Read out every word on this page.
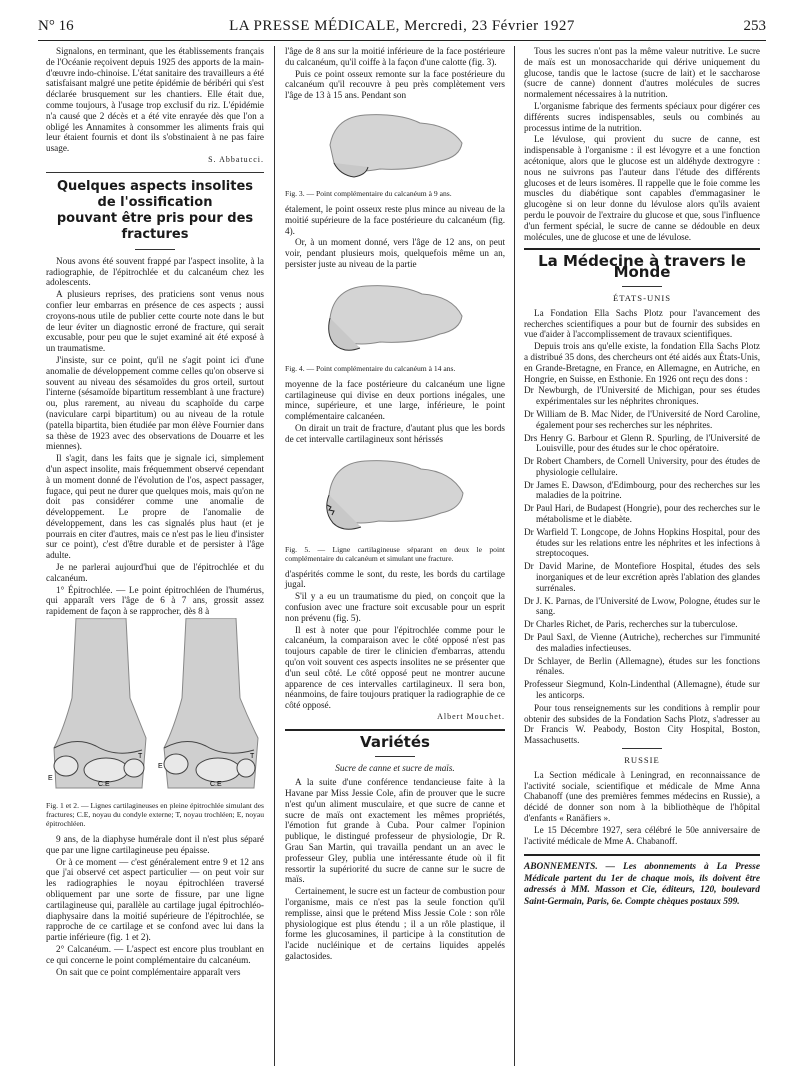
N° 16	LA PRESSE MÉDICALE, Mercredi, 23 Février 1927	253

Signalons, en terminant, que les établissements français de l'Océanie reçoivent depuis 1925 des apports de la main-d'œuvre indo-chinoise. L'état sanitaire des travailleurs a été satisfaisant malgré une petite épidémie de béribéri qui s'est déclarée brusquement sur les chantiers. Elle était due, comme toujours, à l'usage trop exclusif du riz. L'épidémie n'a causé que 2 décès et a été vite enrayée dès que l'on a obligé les Annamites à consommer les aliments frais qui leur étaient fournis et dont ils s'obstinaient à ne pas faire usage.

S. Abbatucci.
Quelques aspects insolites
de l'ossification
pouvant être pris pour des fractures

Nous avons été souvent frappé par l'aspect insolite, à la radiographie, de l'épitrochlée et du calcanéum chez les adolescents.

A plusieurs reprises, des praticiens sont venus nous confier leur embarras en présence de ces aspects ; aussi croyons-nous utile de publier cette courte note dans le but de leur éviter un diagnostic erroné de fracture, qui serait excusable, pour peu que le sujet examiné ait été exposé à un traumatisme.

J'insiste, sur ce point, qu'il ne s'agit point ici d'une anomalie de développement comme celles qu'on observe si souvent au niveau des sésamoïdes du gros orteil, surtout l'interne (sésamoïde bipartitum ressemblant à une fracture) ou, plus rarement, au niveau du scaphoïde du carpe (naviculare carpi bipartitum) ou au niveau de la rotule (patella bipartita, bien étudiée par mon élève Fournier dans sa thèse de 1923 avec des observations de Douarre et les miennes).

Il s'agit, dans les faits que je signale ici, simplement d'un aspect insolite, mais fréquemment observé cependant à un moment donné de l'évolution de l'os, aspect passager, fugace, qui peut ne durer que quelques mois, mais qu'on ne doit pas considérer comme une anomalie de développement. Le propre de l'anomalie de développement, dans les cas signalés plus haut (et je pourrais en citer d'autres, mais ce n'est pas le lieu d'insister sur ce point), c'est d'être durable et de persister à l'âge adulte.

Je ne parlerai aujourd'hui que de l'épitrochlée et du calcanéum.

1° Épitrochlée. — Le point épitrochléen de l'humérus, qui apparaît vers l'âge de 6 à 7 ans, grossit assez rapidement de façon à se rapprocher, dès 8 à

E
C.E
T
E
C.E
T

Fig. 1 et 2. — Lignes cartilagineuses en pleine épitrochlée simulant des fractures; C.E, noyau du condyle externe; T, noyau trochléen; E, noyau épitrochléen.

9 ans, de la diaphyse humérale dont il n'est plus séparé que par une ligne cartilagineuse peu épaisse.

Or à ce moment — c'est généralement entre 9 et 12 ans que j'ai observé cet aspect particulier — on peut voir sur les radiographies le noyau épitrochléen traversé obliquement par une sorte de fissure, par une ligne cartilagineuse qui, parallèle au cartilage jugal épitrochléo-diaphysaire dans la moitié supérieure de l'épitrochlée, se rapproche de ce cartilage et se confond avec lui dans la partie inférieure (fig. 1 et 2).

2° Calcanéum. — L'aspect est encore plus troublant en ce qui concerne le point complémentaire du calcanéum.

On sait que ce point complémentaire apparaît vers

l'âge de 8 ans sur la moitié inférieure de la face postérieure du calcanéum, qu'il coiffe à la façon d'une calotte (fig. 3).

Puis ce point osseux remonte sur la face postérieure du calcanéum qu'il recouvre à peu près complètement vers l'âge de 13 à 15 ans. Pendant son

Fig. 3. — Point complémentaire du calcanéum à 9 ans.

étalement, le point osseux reste plus mince au niveau de la moitié supérieure de la face postérieure du calcanéum (fig. 4).

Or, à un moment donné, vers l'âge de 12 ans, on peut voir, pendant plusieurs mois, quelquefois même un an, persister juste au niveau de la partie

Fig. 4. — Point complémentaire du calcanéum à 14 ans.

moyenne de la face postérieure du calcanéum une ligne cartilagineuse qui divise en deux portions inégales, une mince, supérieure, et une large, inférieure, le point complémentaire calcanéen.

On dirait un trait de fracture, d'autant plus que les bords de cet intervalle cartilagineux sont hérissés

Fig. 5. — Ligne cartilagineuse séparant en deux le point complémentaire du calcanéum et simulant une fracture.

d'aspérités comme le sont, du reste, les bords du cartilage jugal.

S'il y a eu un traumatisme du pied, on conçoit que la confusion avec une fracture soit excusable pour un esprit non prévenu (fig. 5).

Il est à noter que pour l'épitrochlée comme pour le calcanéum, la comparaison avec le côté opposé n'est pas toujours capable de tirer le clinicien d'embarras, attendu qu'on voit souvent ces aspects insolites ne se présenter que d'un seul côté. Le côté opposé peut ne montrer aucune apparence de ces intervalles cartilagineux. Il sera bon, néanmoins, de faire toujours pratiquer la radiographie de ce côté opposé.

Albert Mouchet.
Variétés
Sucre de canne et sucre de maïs.

A la suite d'une conférence tendancieuse faite à la Havane par Miss Jessie Cole, afin de prouver que le sucre n'est qu'un aliment musculaire, et que sucre de canne et sucre de maïs ont exactement les mêmes propriétés, l'émotion fut grande à Cuba. Pour calmer l'opinion publique, le distingué professeur de physiologie, Dr R. Grau San Martin, qui travailla pendant un an avec le professeur Gley, publia une intéressante étude où il fit ressortir la supériorité du sucre de canne sur le sucre de maïs.

Certainement, le sucre est un facteur de combustion pour l'organisme, mais ce n'est pas la seule fonction qu'il remplisse, ainsi que le prétend Miss Jessie Cole : son rôle physiologique est plus étendu ; il a un rôle plastique, il forme les glucosamines, il participe à la constitution de l'acide nucléinique et de certains liquides appelés galactosides.

Tous les sucres n'ont pas la même valeur nutritive. Le sucre de maïs est un monosaccharide qui dérive uniquement du glucose, tandis que le lactose (sucre de lait) et le saccharose (sucre de canne) donnent d'autres molécules de sucres normalement nécessaires à la nutrition.

L'organisme fabrique des ferments spéciaux pour digérer ces différents sucres indispensables, seuls ou combinés au processus intime de la nutrition.

Le lévulose, qui provient du sucre de canne, est indispensable à l'organisme : il est lévogyre et a une fonction acétonique, alors que le glucose est un aldéhyde dextrogyre : nous ne suivrons pas l'auteur dans l'étude des différents glucoses et de leurs isomères. Il rappelle que le foie comme les muscles du diabétique sont capables d'emmagasiner le glucogène si on leur donne du lévulose alors qu'ils avaient perdu le pouvoir de l'extraire du glucose et que, sous l'influence d'un ferment spécial, le sucre de canne se dédouble en deux molécules, une de glucose et une de lévulose.

La Médecine à travers le Monde
ÉTATS-UNIS

La Fondation Ella Sachs Plotz pour l'avancement des recherches scientifiques a pour but de fournir des subsides en vue d'aider à l'accomplissement de travaux scientifiques.

Depuis trois ans qu'elle existe, la fondation Ella Sachs Plotz a distribué 35 dons, des chercheurs ont été aidés aux États-Unis, en Grande-Bretagne, en France, en Allemagne, en Autriche, en Hongrie, en Suisse, en Esthonie. En 1926 ont reçu des dons :

Dr Newburgh, de l'Université de Michigan, pour ses études expérimentales sur les néphrites chroniques.
Dr William de B. Mac Nider, de l'Université de Nord Caroline, également pour ses recherches sur les néphrites.
Drs Henry G. Barbour et Glenn R. Spurling, de l'Université de Louisville, pour des études sur le choc opératoire.
Dr Robert Chambers, de Cornell University, pour des études de physiologie cellulaire.
Dr James E. Dawson, d'Edimbourg, pour des recherches sur les maladies de la poitrine.
Dr Paul Hari, de Budapest (Hongrie), pour des recherches sur le métabolisme et le diabète.
Dr Warfield T. Longcope, de Johns Hopkins Hospital, pour des études sur les relations entre les néphrites et les infections à streptocoques.
Dr David Marine, de Montefiore Hospital, études des sels inorganiques et de leur excrétion après l'ablation des glandes surrénales.
Dr J. K. Parnas, de l'Université de Lwow, Pologne, études sur le sang.
Dr Charles Richet, de Paris, recherches sur la tuberculose.
Dr Paul Saxl, de Vienne (Autriche), recherches sur l'immunité des maladies infectieuses.
Dr Schlayer, de Berlin (Allemagne), études sur les fonctions rénales.
Professeur Siegmund, Koln-Lindenthal (Allemagne), étude sur les anticorps.

Pour tous renseignements sur les conditions à remplir pour obtenir des subsides de la Fondation Sachs Plotz, s'adresser au Dr Francis W. Peabody, Boston City Hospital, Boston, Massachusetts.

RUSSIE

La Section médicale à Leningrad, en reconnaissance de l'activité sociale, scientifique et médicale de Mme Anna Chabanoff (une des premières femmes médecins en Russie), a décidé de donner son nom à la bibliothèque de l'hôpital d'enfants « Ranäfiers ».

Le 15 Décembre 1927, sera célébré le 50e anniversaire de l'activité médicale de Mme A. Chabanoff.

ABONNEMENTS. — Les abonnements à La Presse Médicale partent du 1er de chaque mois, ils doivent être adressés à MM. Masson et Cie, éditeurs, 120, boulevard Saint-Germain, Paris, 6e. Compte chèques postaux 599.
